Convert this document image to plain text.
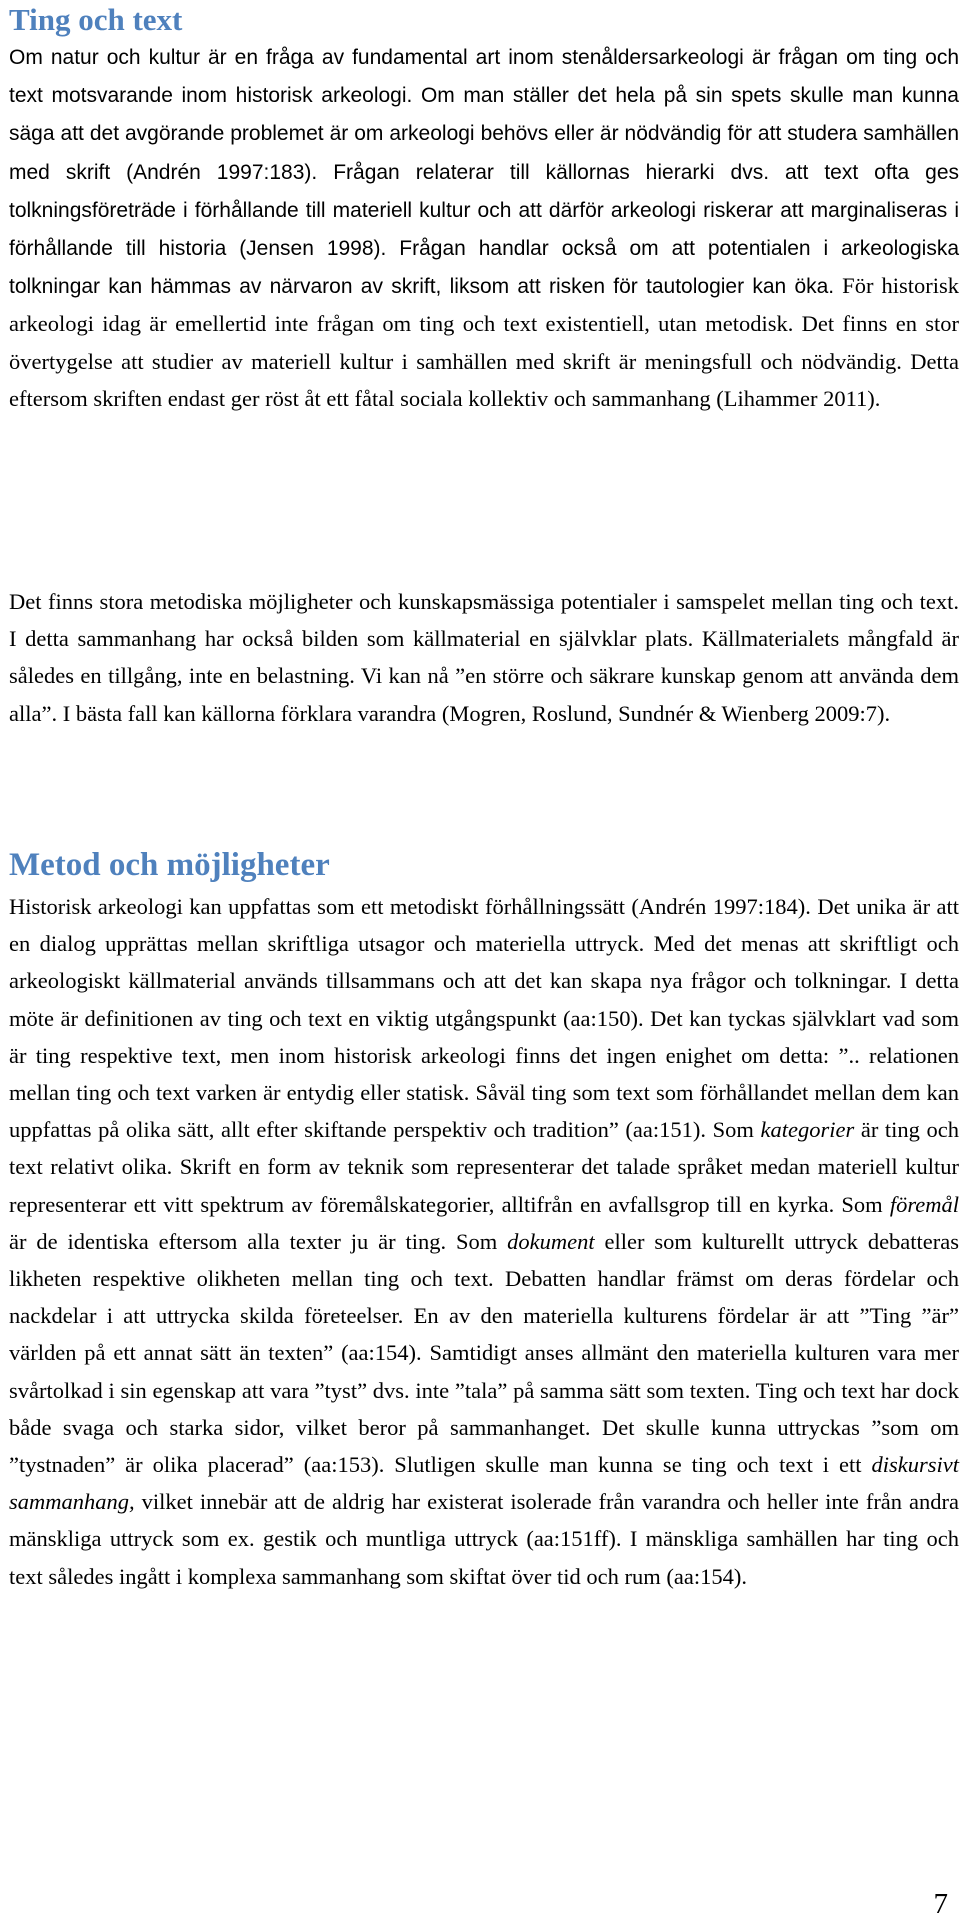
Ting och text

Om natur och kultur är en fråga av fundamental art inom stenåldersarkeologi är frågan om ting och text motsvarande inom historisk arkeologi. Om man ställer det hela på sin spets skulle man kunna säga att det avgörande problemet är om arkeologi behövs eller är nödvändig för att studera samhällen med skrift (Andrén 1997:183). Frågan relaterar till källornas hierarki dvs. att text ofta ges tolkningsföreträde i förhållande till materiell kultur och att därför arkeologi riskerar att marginaliseras i förhållande till historia (Jensen 1998). Frågan handlar också om att potentialen i arkeologiska tolkningar kan hämmas av närvaron av skrift, liksom att risken för tautologier kan öka. För historisk arkeologi idag är emellertid inte frågan om ting och text existentiell, utan metodisk. Det finns en stor övertygelse att studier av materiell kultur i samhällen med skrift är meningsfull och nödvändig. Detta eftersom skriften endast ger röst åt ett fåtal sociala kollektiv och sammanhang (Lihammer 2011).

Det finns stora metodiska möjligheter och kunskapsmässiga potentialer i samspelet mellan ting och text. I detta sammanhang har också bilden som källmaterial en självklar plats. Källmaterialets mångfald är således en tillgång, inte en belastning. Vi kan nå ”en större och säkrare kunskap genom att använda dem alla”. I bästa fall kan källorna förklara varandra (Mogren, Roslund, Sundnér & Wienberg 2009:7).

Metod och möjligheter

Historisk arkeologi kan uppfattas som ett metodiskt förhållningssätt (Andrén 1997:184). Det unika är att en dialog upprättas mellan skriftliga utsagor och materiella uttryck. Med det menas att skriftligt och arkeologiskt källmaterial används tillsammans och att det kan skapa nya frågor och tolkningar. I detta möte är definitionen av ting och text en viktig utgångspunkt (aa:150). Det kan tyckas självklart vad som är ting respektive text, men inom historisk arkeologi finns det ingen enighet om detta: ”.. relationen mellan ting och text varken är entydig eller statisk. Såväl ting som text som förhållandet mellan dem kan uppfattas på olika sätt, allt efter skiftande perspektiv och tradition” (aa:151). Som kategorier är ting och text relativt olika. Skrift en form av teknik som representerar det talade språket medan materiell kultur representerar ett vitt spektrum av föremålskategorier, alltifrån en avfallsgrop till en kyrka. Som föremål är de identiska eftersom alla texter ju är ting. Som dokument eller som kulturellt uttryck debatteras likheten respektive olikheten mellan ting och text. Debatten handlar främst om deras fördelar och nackdelar i att uttrycka skilda företeelser. En av den materiella kulturens fördelar är att ”Ting ”är” världen på ett annat sätt än texten” (aa:154). Samtidigt anses allmänt den materiella kulturen vara mer svårtolkad i sin egenskap att vara ”tyst” dvs. inte ”tala” på samma sätt som texten. Ting och text har dock både svaga och starka sidor, vilket beror på sammanhanget. Det skulle kunna uttryckas ”som om ”tystnaden” är olika placerad” (aa:153). Slutligen skulle man kunna se ting och text i ett diskursivt sammanhang, vilket innebär att de aldrig har existerat isolerade från varandra och heller inte från andra mänskliga uttryck som ex. gestik och muntliga uttryck (aa:151ff). I mänskliga samhällen har ting och text således ingått i komplexa sammanhang som skiftat över tid och rum (aa:154).

7
